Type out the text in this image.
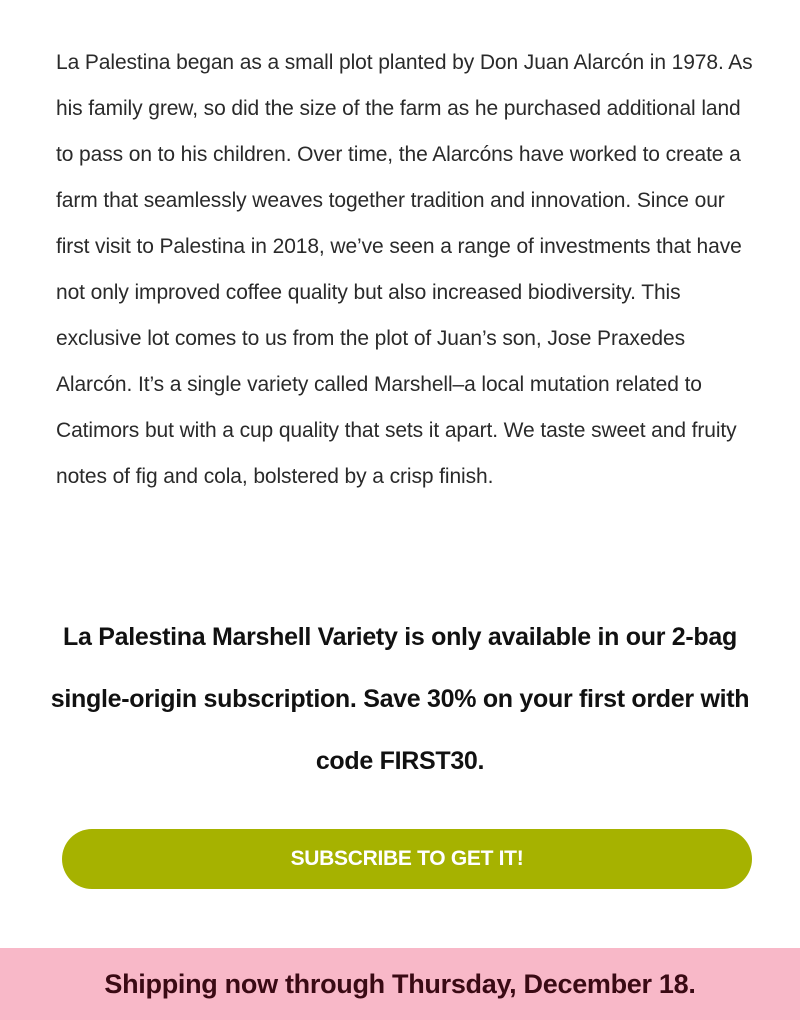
La Palestina began as a small plot planted by Don Juan Alarcón in 1978. As his family grew, so did the size of the farm as he purchased additional land to pass on to his children. Over time, the Alarcóns have worked to create a farm that seamlessly weaves together tradition and innovation. Since our first visit to Palestina in 2018, we’ve seen a range of investments that have not only improved coffee quality but also increased biodiversity. This exclusive lot comes to us from the plot of Juan’s son, Jose Praxedes Alarcón. It’s a single variety called Marshell–a local mutation related to Catimors but with a cup quality that sets it apart. We taste sweet and fruity notes of fig and cola, bolstered by a crisp finish.

La Palestina Marshell Variety is only available in our 2-bag single-origin subscription. Save 30% on your first order with code FIRST30.

SUBSCRIBE TO GET IT!
Shipping now through Thursday, December 18.
